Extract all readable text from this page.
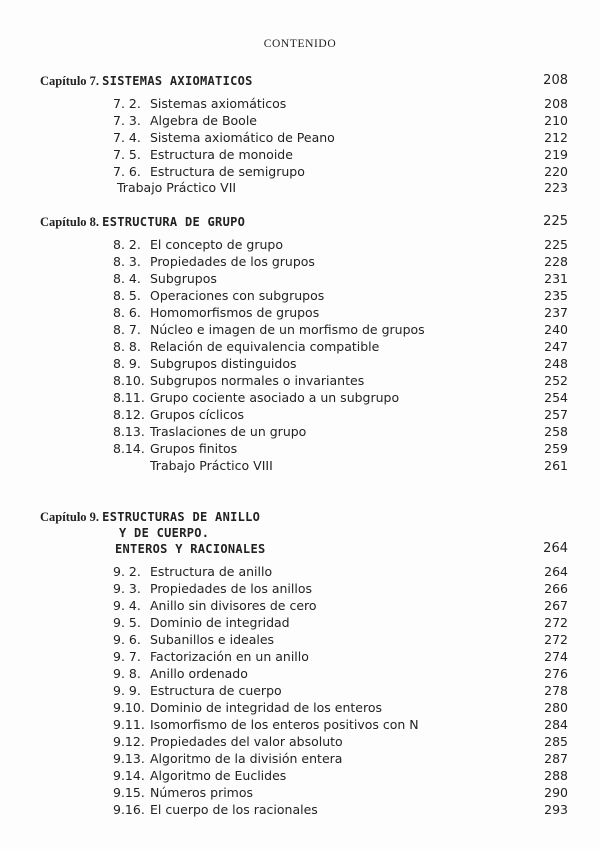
CONTENIDO
Capítulo 7. SISTEMAS AXIOMATICOS	208
7. 2. Sistemas axiomáticos	208
7. 3. Algebra de Boole	210
7. 4. Sistema axiomático de Peano	212
7. 5. Estructura de monoide	219
7. 6. Estructura de semigrupo	220
Trabajo Práctico VII	223
Capítulo 8. ESTRUCTURA DE GRUPO	225
8. 2. El concepto de grupo	225
8. 3. Propiedades de los grupos	228
8. 4. Subgrupos	231
8. 5. Operaciones con subgrupos	235
8. 6. Homomorfismos de grupos	237
8. 7. Núcleo e imagen de un morfismo de grupos	240
8. 8. Relación de equivalencia compatible	247
8. 9. Subgrupos distinguidos	248
8.10. Subgrupos normales o invariantes	252
8.11. Grupo cociente asociado a un subgrupo	254
8.12. Grupos cíclicos	257
8.13. Traslaciones de un grupo	258
8.14. Grupos finitos	259
Trabajo Práctico VIII	261
Capítulo 9. ESTRUCTURAS DE ANILLO
Y DE CUERPO.
ENTEROS Y RACIONALES	264
9. 2. Estructura de anillo	264
9. 3. Propiedades de los anillos	266
9. 4. Anillo sin divisores de cero	267
9. 5. Dominio de integridad	272
9. 6. Subanillos e ideales	272
9. 7. Factorización en un anillo	274
9. 8. Anillo ordenado	276
9. 9. Estructura de cuerpo	278
9.10. Dominio de integridad de los enteros	280
9.11. Isomorfismo de los enteros positivos con N	284
9.12. Propiedades del valor absoluto	285
9.13. Algoritmo de la división entera	287
9.14. Algoritmo de Euclides	288
9.15. Números primos	290
9.16. El cuerpo de los racionales	293
